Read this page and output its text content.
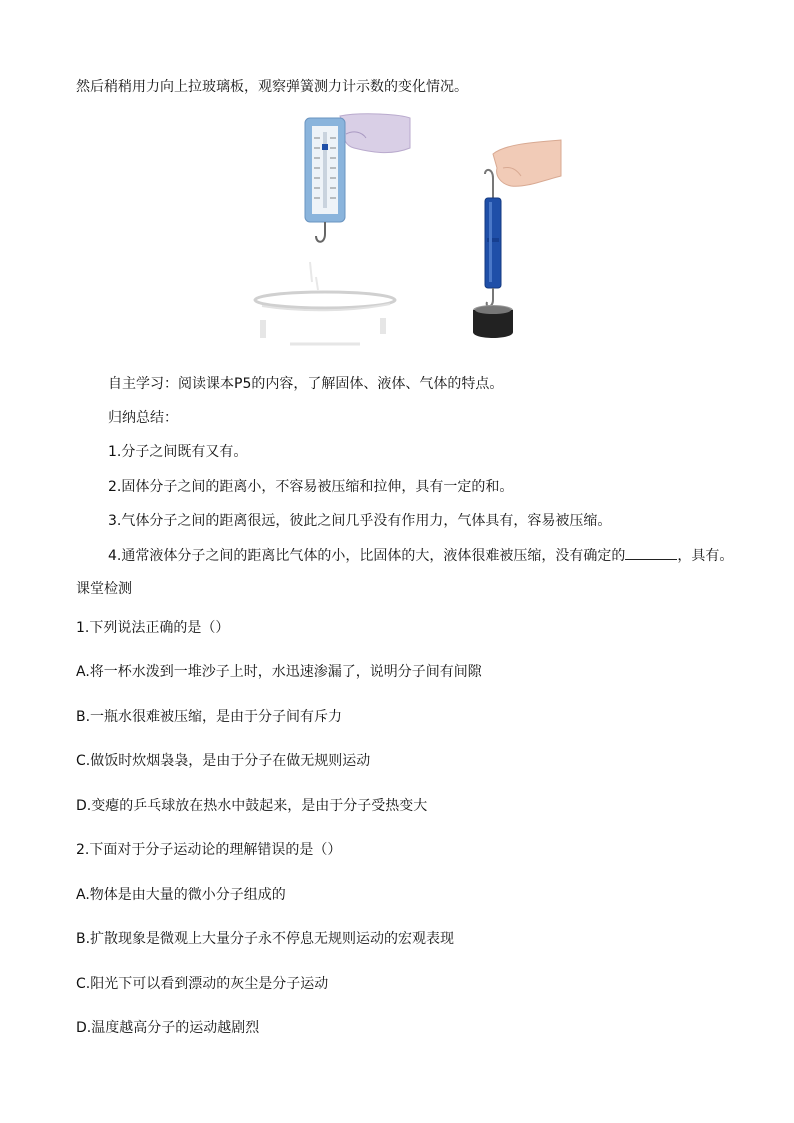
然后稍稍用力向上拉玻璃板，观察弹簧测力计示数的变化情况。
自主学习：阅读课本P5的内容，了解固体、液体、气体的特点。
归纳总结：
1.分子之间既有又有。
2.固体分子之间的距离小，不容易被压缩和拉伸，具有一定的和。
3.气体分子之间的距离很远，彼此之间几乎没有作用力，气体具有，容易被压缩。
4.通常液体分子之间的距离比气体的小，比固体的大，液体很难被压缩，没有确定的	，具有。
课堂检测
1.下列说法正确的是（）
A.将一杯水泼到一堆沙子上时，水迅速渗漏了，说明分子间有间隙
B.一瓶水很难被压缩，是由于分子间有斥力
C.做饭时炊烟袅袅，是由于分子在做无规则运动
D.变瘪的乒乓球放在热水中鼓起来，是由于分子受热变大
2.下面对于分子运动论的理解错误的是（）
A.物体是由大量的微小分子组成的
B.扩散现象是微观上大量分子永不停息无规则运动的宏观表现
C.阳光下可以看到漂动的灰尘是分子运动
D.温度越高分子的运动越剧烈
